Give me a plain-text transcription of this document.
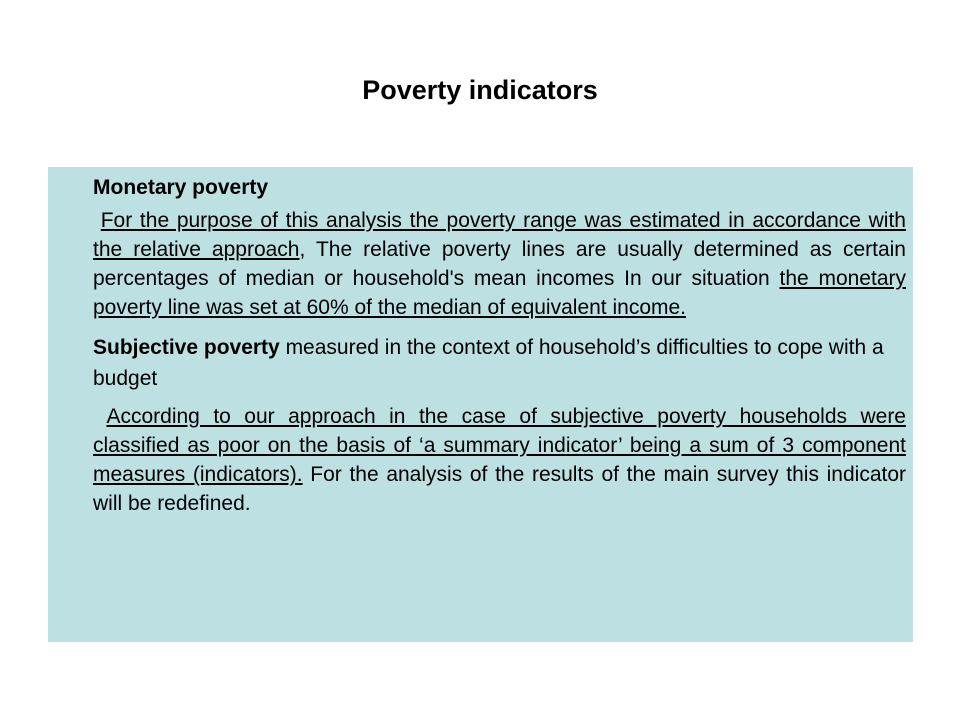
Poverty indicators

Monetary poverty

For the purpose of this analysis the poverty range was estimated in accordance with the relative approach, The relative poverty lines are usually determined as certain percentages of median or household's mean incomes In our situation the monetary poverty line was set at 60% of the median of equivalent income.

Subjective poverty measured in the context of household’s difficulties to cope with a budget

According to our approach in the case of subjective poverty households were classified as poor on the basis of ‘a summary indicator’ being a sum of 3 component measures (indicators). For the analysis of the results of the main survey this indicator will be redefined.
